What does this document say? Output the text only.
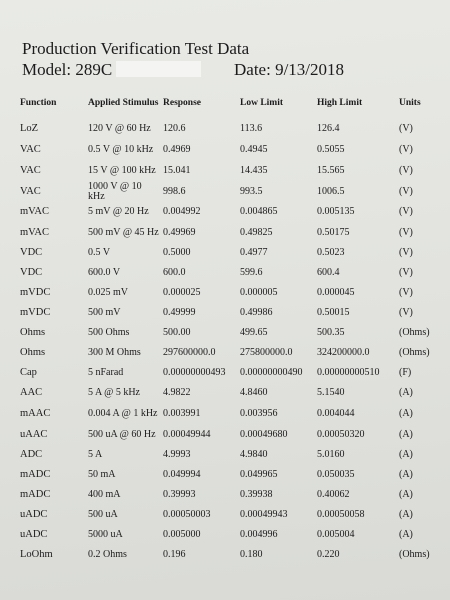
Production Verification Test Data
Model: 289C	Date: 9/13/2018
Function	Applied Stimulus	Response	Low Limit	High Limit	Units
LoZ	120 V @ 60 Hz	120.6	113.6	126.4	(V)
VAC	0.5 V @ 10 kHz	0.4969	0.4945	0.5055	(V)
VAC	15 V @ 100 kHz	15.041	14.435	15.565	(V)
VAC	1000 V @ 10 kHz	998.6	993.5	1006.5	(V)
mVAC	5 mV @ 20 Hz	0.004992	0.004865	0.005135	(V)
mVAC	500 mV @ 45 Hz	0.49969	0.49825	0.50175	(V)
VDC	0.5 V	0.5000	0.4977	0.5023	(V)
VDC	600.0 V	600.0	599.6	600.4	(V)
mVDC	0.025 mV	0.000025	0.000005	0.000045	(V)
mVDC	500 mV	0.49999	0.49986	0.50015	(V)
Ohms	500 Ohms	500.00	499.65	500.35	(Ohms)
Ohms	300 M Ohms	297600000.0	275800000.0	324200000.0	(Ohms)
Cap	5 nFarad	0.00000000493	0.00000000490	0.00000000510	(F)
AAC	5 A @ 5 kHz	4.9822	4.8460	5.1540	(A)
mAAC	0.004 A @ 1 kHz	0.003991	0.003956	0.004044	(A)
uAAC	500 uA @ 60 Hz	0.00049944	0.00049680	0.00050320	(A)
ADC	5 A	4.9993	4.9840	5.0160	(A)
mADC	50 mA	0.049994	0.049965	0.050035	(A)
mADC	400 mA	0.39993	0.39938	0.40062	(A)
uADC	500 uA	0.00050003	0.00049943	0.00050058	(A)
uADC	5000 uA	0.005000	0.004996	0.005004	(A)
LoOhm	0.2 Ohms	0.196	0.180	0.220	(Ohms)
